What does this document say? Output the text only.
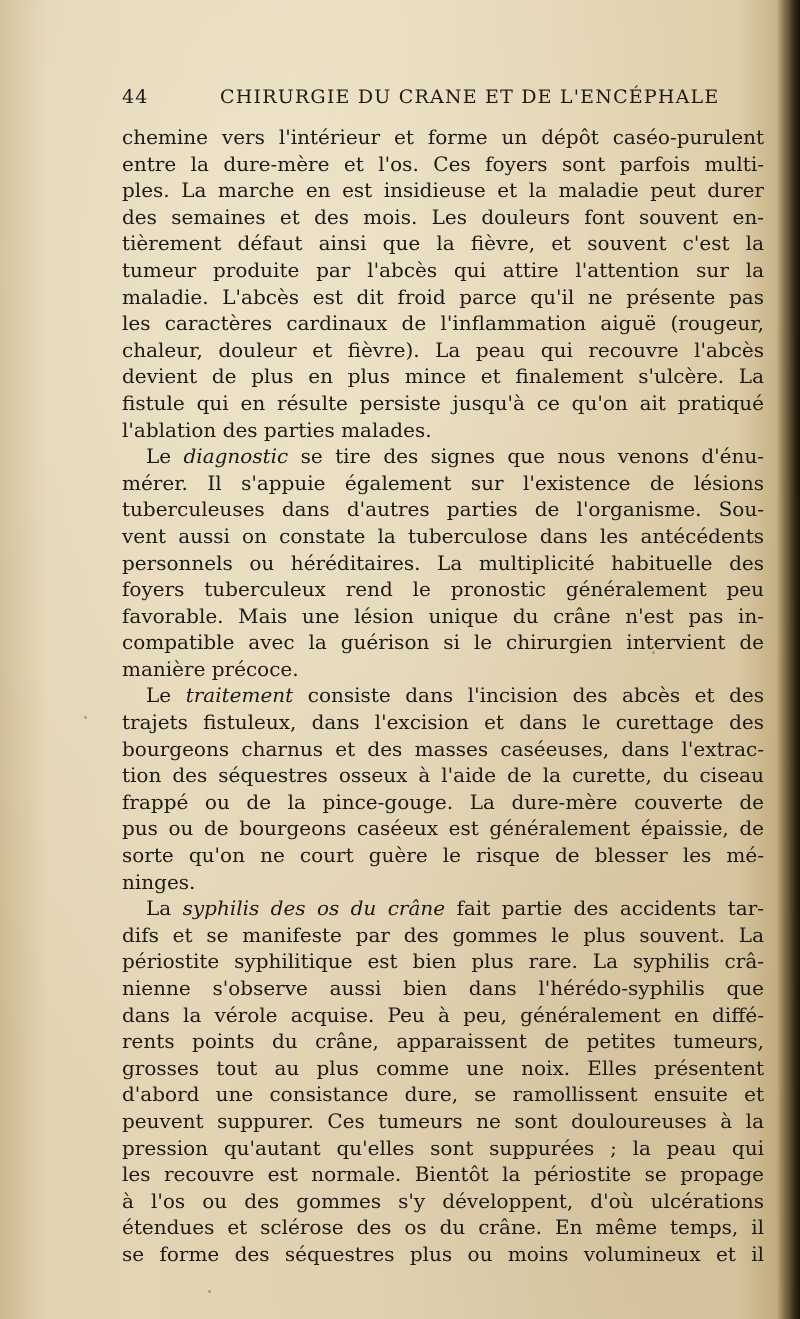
44	CHIRURGIE DU CRANE ET DE L'ENCÉPHALE
chemine vers l'intérieur et forme un dépôt caséo-purulent
entre la dure-mère et l'os. Ces foyers sont parfois multi-
ples. La marche en est insidieuse et la maladie peut durer
des semaines et des mois. Les douleurs font souvent en-
tièrement défaut ainsi que la fièvre, et souvent c'est la
tumeur produite par l'abcès qui attire l'attention sur la
maladie. L'abcès est dit froid parce qu'il ne présente pas
les caractères cardinaux de l'inflammation aiguë (rougeur,
chaleur, douleur et fièvre). La peau qui recouvre l'abcès
devient de plus en plus mince et finalement s'ulcère. La
fistule qui en résulte persiste jusqu'à ce qu'on ait pratiqué
l'ablation des parties malades.
Le diagnostic se tire des signes que nous venons d'énu-
mérer. Il s'appuie également sur l'existence de lésions
tuberculeuses dans d'autres parties de l'organisme. Sou-
vent aussi on constate la tuberculose dans les antécédents
personnels ou héréditaires. La multiplicité habituelle des
foyers tuberculeux rend le pronostic généralement peu
favorable. Mais une lésion unique du crâne n'est pas in-
compatible avec la guérison si le chirurgien intervient de
manière précoce.
Le traitement consiste dans l'incision des abcès et des
trajets fistuleux, dans l'excision et dans le curettage des
bourgeons charnus et des masses caséeuses, dans l'extrac-
tion des séquestres osseux à l'aide de la curette, du ciseau
frappé ou de la pince-gouge. La dure-mère couverte de
pus ou de bourgeons caséeux est généralement épaissie, de
sorte qu'on ne court guère le risque de blesser les mé-
ninges.
La syphilis des os du crâne fait partie des accidents tar-
difs et se manifeste par des gommes le plus souvent. La
périostite syphilitique est bien plus rare. La syphilis crâ-
nienne s'observe aussi bien dans l'hérédo-syphilis que
dans la vérole acquise. Peu à peu, généralement en diffé-
rents points du crâne, apparaissent de petites tumeurs,
grosses tout au plus comme une noix. Elles présentent
d'abord une consistance dure, se ramollissent ensuite et
peuvent suppurer. Ces tumeurs ne sont douloureuses à la
pression qu'autant qu'elles sont suppurées ; la peau qui
les recouvre est normale. Bientôt la périostite se propage
à l'os ou des gommes s'y développent, d'où ulcérations
étendues et sclérose des os du crâne. En même temps, il
se forme des séquestres plus ou moins volumineux et il
